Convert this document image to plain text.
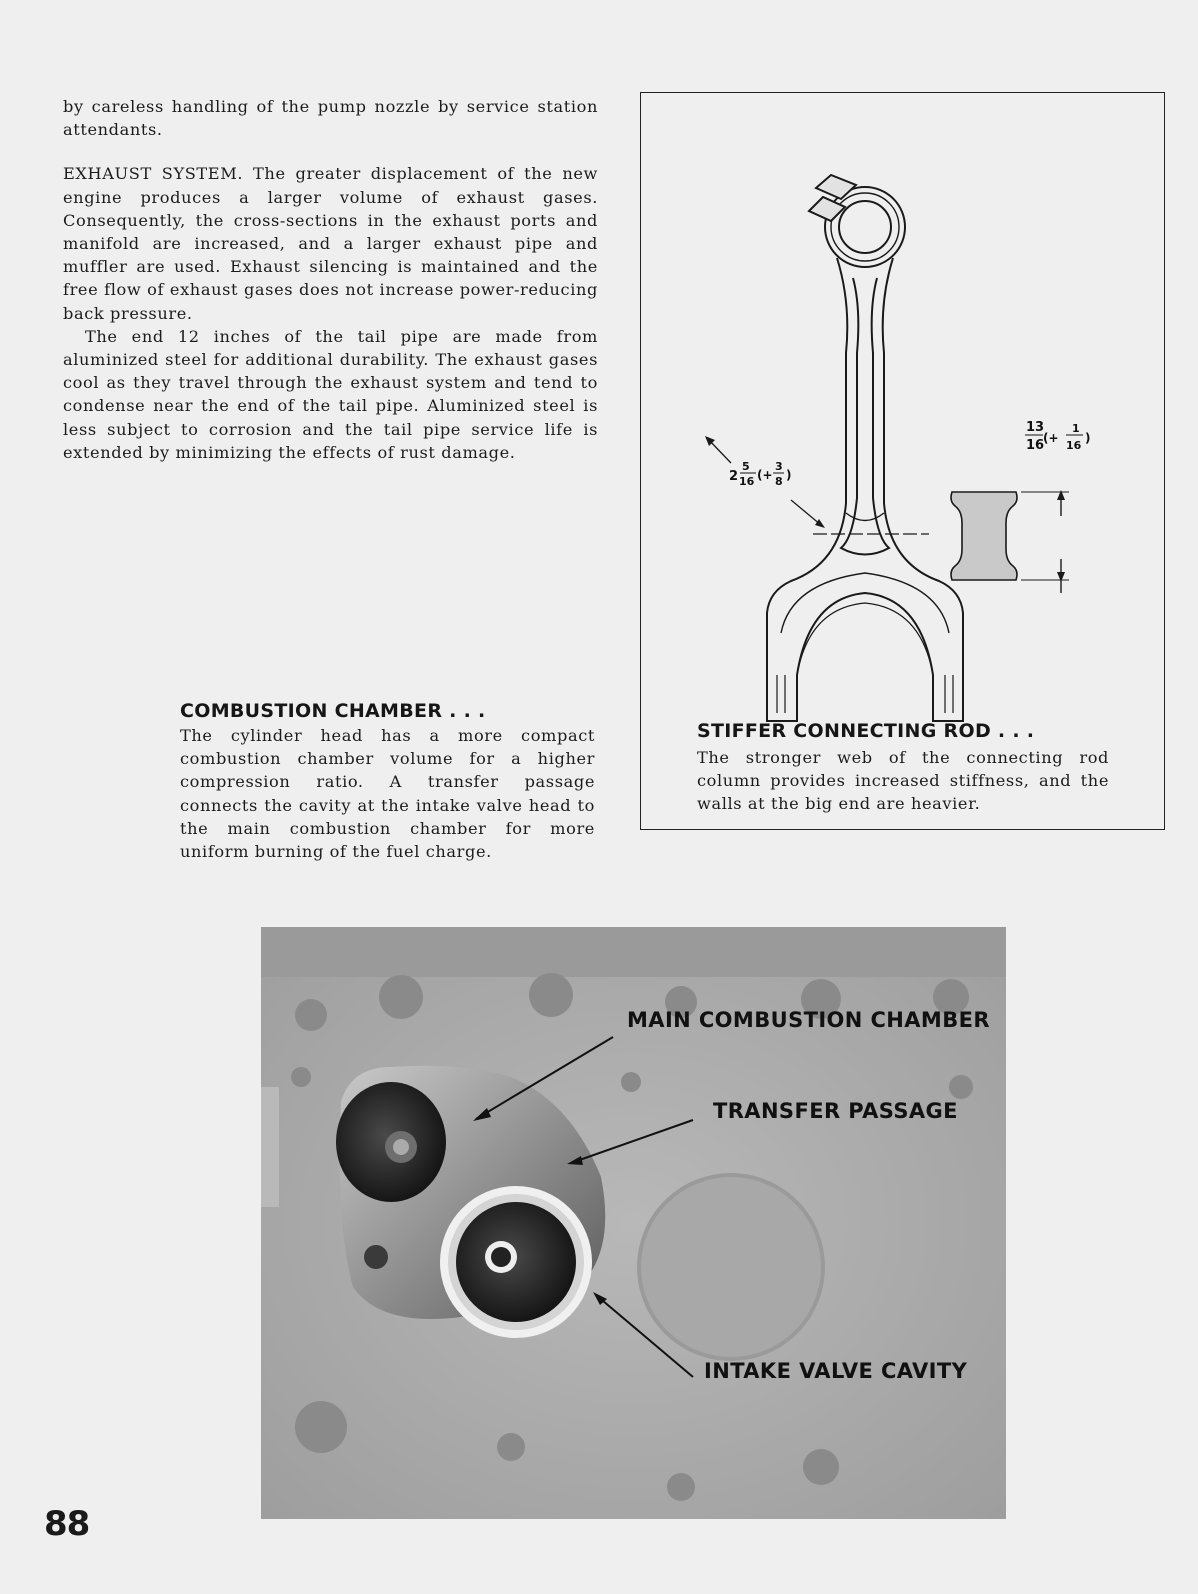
by careless handling of the pump nozzle by service station attendants.

EXHAUST SYSTEM. The greater displacement of the new engine produces a larger volume of exhaust gases. Consequently, the cross-sections in the exhaust ports and manifold are increased, and a larger exhaust pipe and muffler are used. Exhaust silencing is maintained and the free flow of exhaust gases does not increase power-reducing back pressure.

The end 12 inches of the tail pipe are made from aluminized steel for additional durability. The exhaust gases cool as they travel through the exhaust system and tend to condense near the end of the tail pipe. Aluminized steel is less subject to corrosion and the tail pipe service life is extended by minimizing the effects of rust damage.

2
5
16 (+
3
8 )
13
16
(+
1
16
)
STIFFER CONNECTING ROD . . .
The stronger web of the connecting rod column provides increased stiffness, and the walls at the big end are heavier.
COMBUSTION CHAMBER . . .
The cylinder head has a more compact combustion chamber volume for a higher compression ratio. A transfer passage connects the cavity at the intake valve head to the main combustion chamber for more uniform burning of the fuel charge.
MAIN COMBUSTION CHAMBER
TRANSFER PASSAGE
INTAKE VALVE CAVITY
88
